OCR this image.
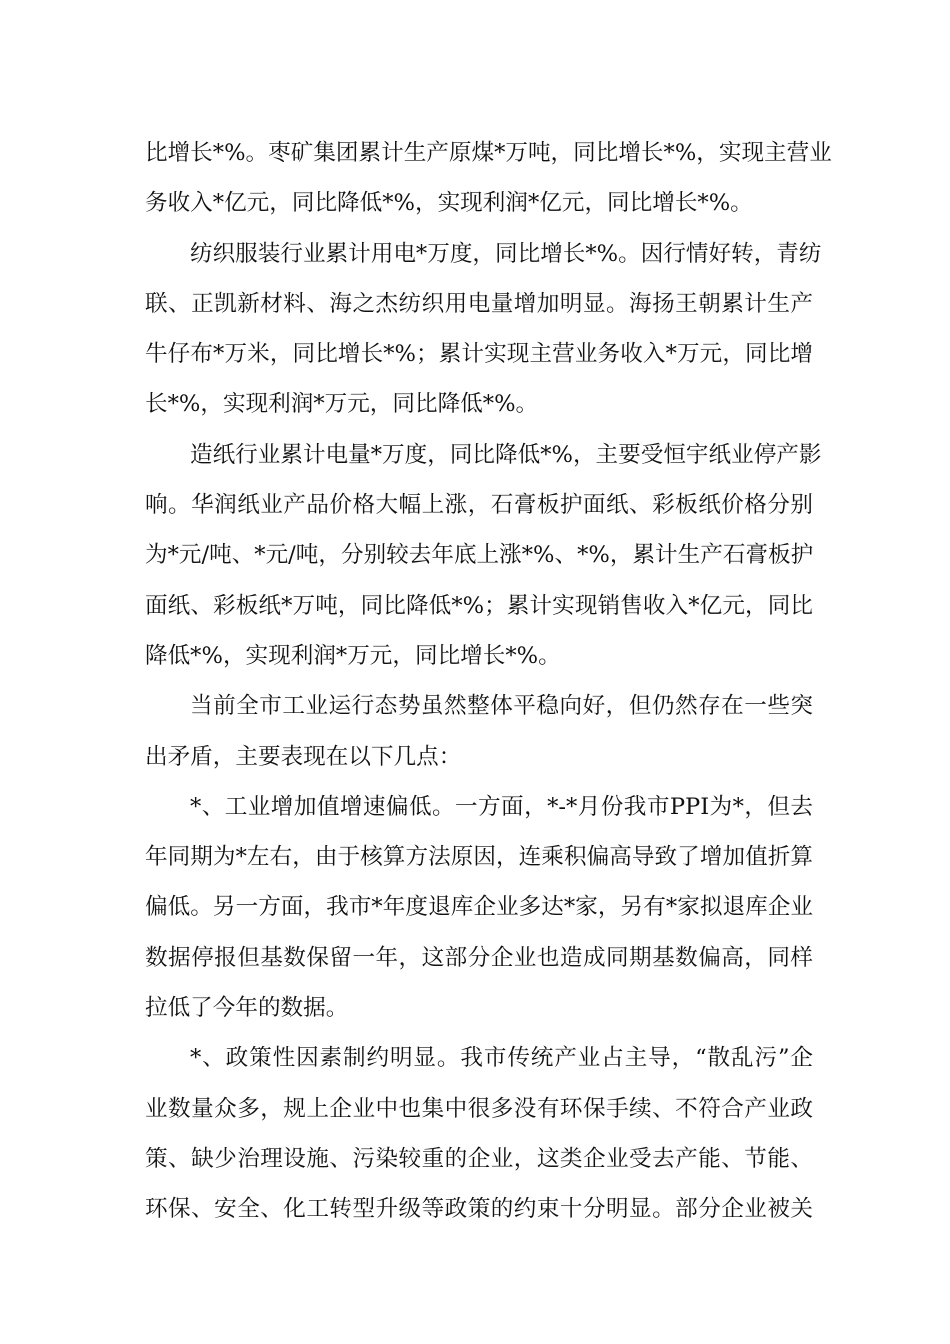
比增长*%。枣矿集团累计生产原煤*万吨，同比增长*%，实现主营业
务收入*亿元，同比降低*%，实现利润*亿元，同比增长*%。
纺织服装行业累计用电*万度，同比增长*%。因行情好转，青纺
联、正凯新材料、海之杰纺织用电量增加明显。海扬王朝累计生产
牛仔布*万米，同比增长*%；累计实现主营业务收入*万元，同比增
长*%，实现利润*万元，同比降低*%。
造纸行业累计电量*万度，同比降低*%，主要受恒宇纸业停产影
响。华润纸业产品价格大幅上涨，石膏板护面纸、彩板纸价格分别
为*元/吨、*元/吨，分别较去年底上涨*%、*%，累计生产石膏板护
面纸、彩板纸*万吨，同比降低*%；累计实现销售收入*亿元，同比
降低*%，实现利润*万元，同比增长*%。
当前全市工业运行态势虽然整体平稳向好，但仍然存在一些突
出矛盾，主要表现在以下几点：
*、工业增加值增速偏低。一方面，*-*月份我市PPI为*，但去
年同期为*左右，由于核算方法原因，连乘积偏高导致了增加值折算
偏低。另一方面，我市*年度退库企业多达*家，另有*家拟退库企业
数据停报但基数保留一年，这部分企业也造成同期基数偏高，同样
拉低了今年的数据。
*、政策性因素制约明显。我市传统产业占主导，“散乱污”企
业数量众多，规上企业中也集中很多没有环保手续、不符合产业政
策、缺少治理设施、污染较重的企业，这类企业受去产能、节能、
环保、安全、化工转型升级等政策的约束十分明显。部分企业被关
